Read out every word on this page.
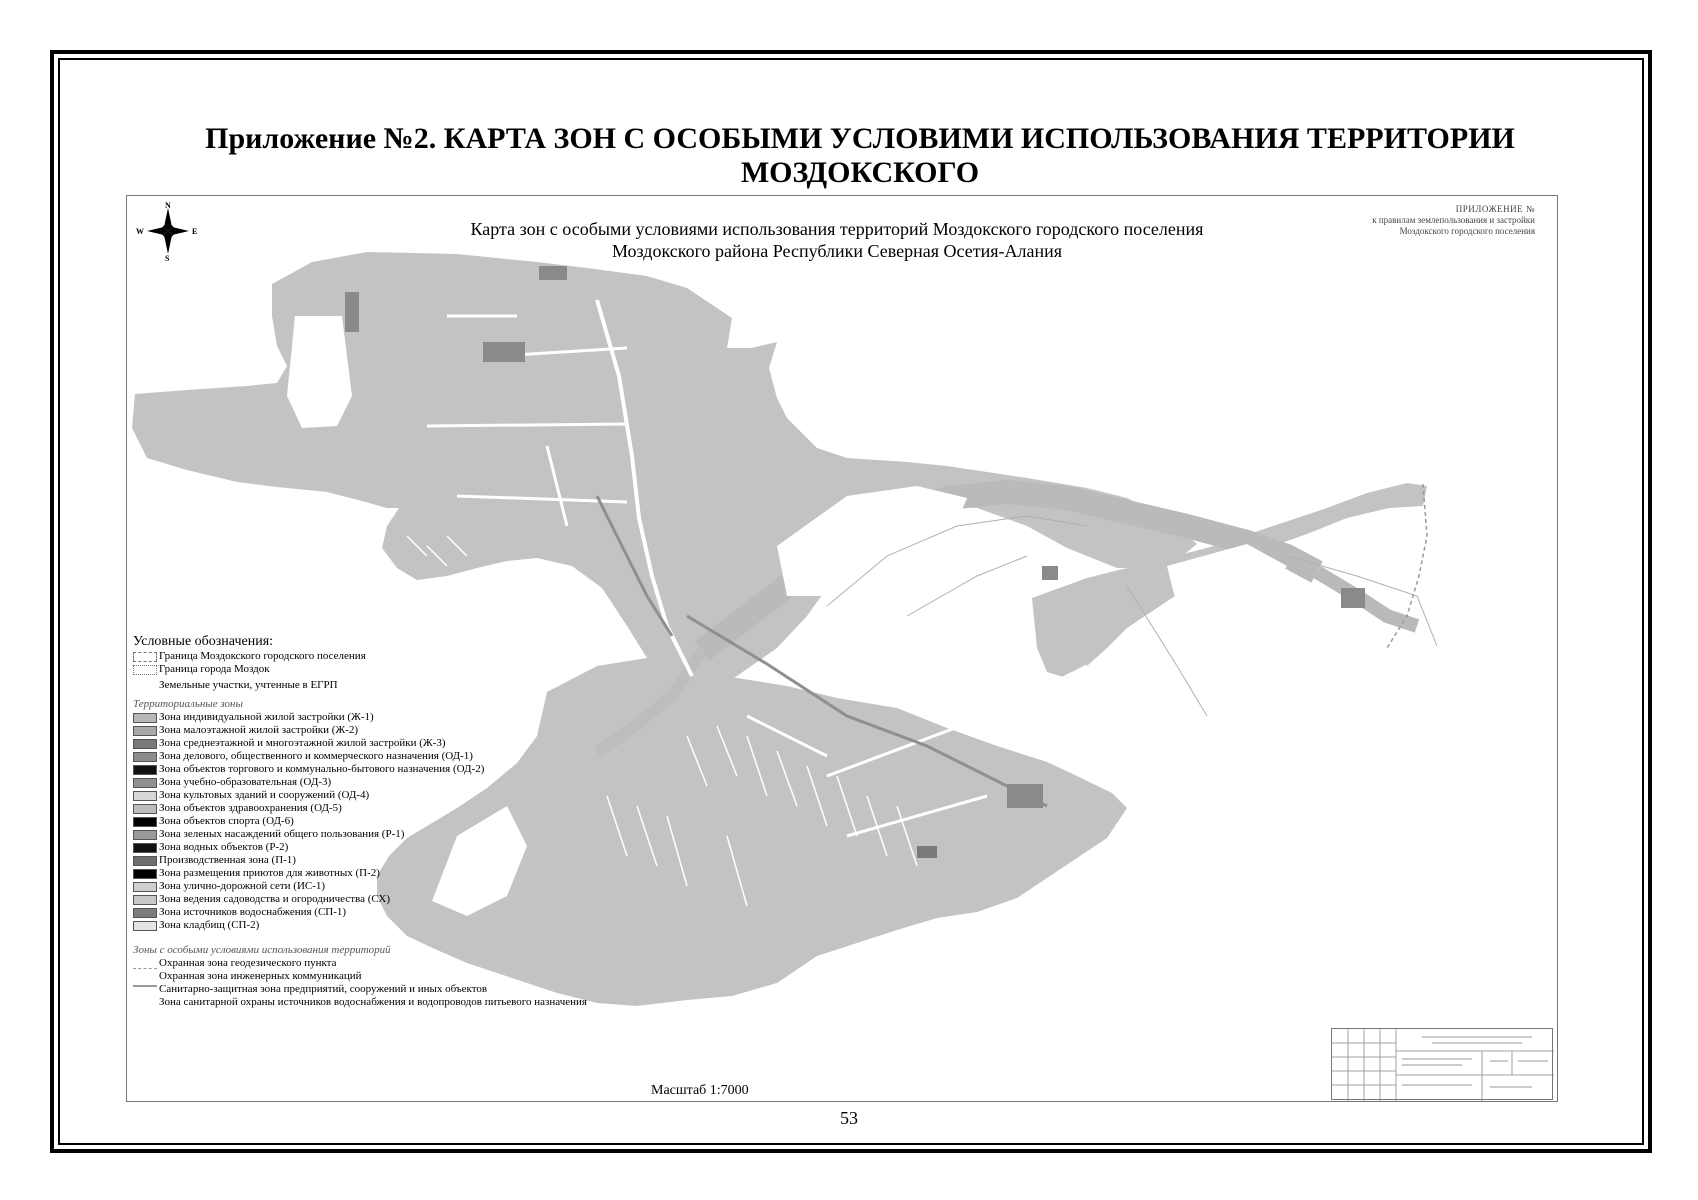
Приложение №2. КАРТА ЗОН С ОСОБЫМИ УСЛОВИМИ ИСПОЛЬЗОВАНИЯ ТЕРРИТОРИИ МОЗДОКСКОГО

N
S
E
W	Карта зон с особыми условиями использования территорий Моздокского городского поселения
Моздокского района Республики Северная Осетия-Алания
ПРИЛОЖЕНИЕ №
к правилам землепользования и застройки
Моздокского городского поселения
Условные обозначения:
Граница Моздокского городского поселения
Граница города Моздок
Земельные участки, учтенные в ЕГРП
Территориальные зоны
Зона индивидуальной жилой застройки (Ж-1)
Зона малоэтажной жилой застройки (Ж-2)
Зона среднеэтажной и многоэтажной жилой застройки (Ж-3)
Зона делового, общественного и коммерческого назначения (ОД-1)
Зона объектов торгового и коммунально-бытового назначения (ОД-2)
Зона учебно-образовательная (ОД-3)
Зона культовых зданий и сооружений (ОД-4)
Зона объектов здравоохранения (ОД-5)
Зона объектов спорта (ОД-6)
Зона зеленых насаждений общего пользования (Р-1)
Зона водных объектов (Р-2)
Производственная зона (П-1)
Зона размещения приютов для животных (П-2)
Зона улично-дорожной сети (ИС-1)
Зона ведения садоводства и огородничества (СХ)
Зона источников водоснабжения (СП-1)
Зона кладбищ (СП-2)
Зоны с особыми условиями использования территорий
Охранная зона геодезического пункта
Охранная зона инженерных коммуникаций
Санитарно-защитная зона предприятий, сооружений и иных объектов
Зона санитарной охраны источников водоснабжения и водопроводов питьевого назначения
Масштаб 1:7000
53
